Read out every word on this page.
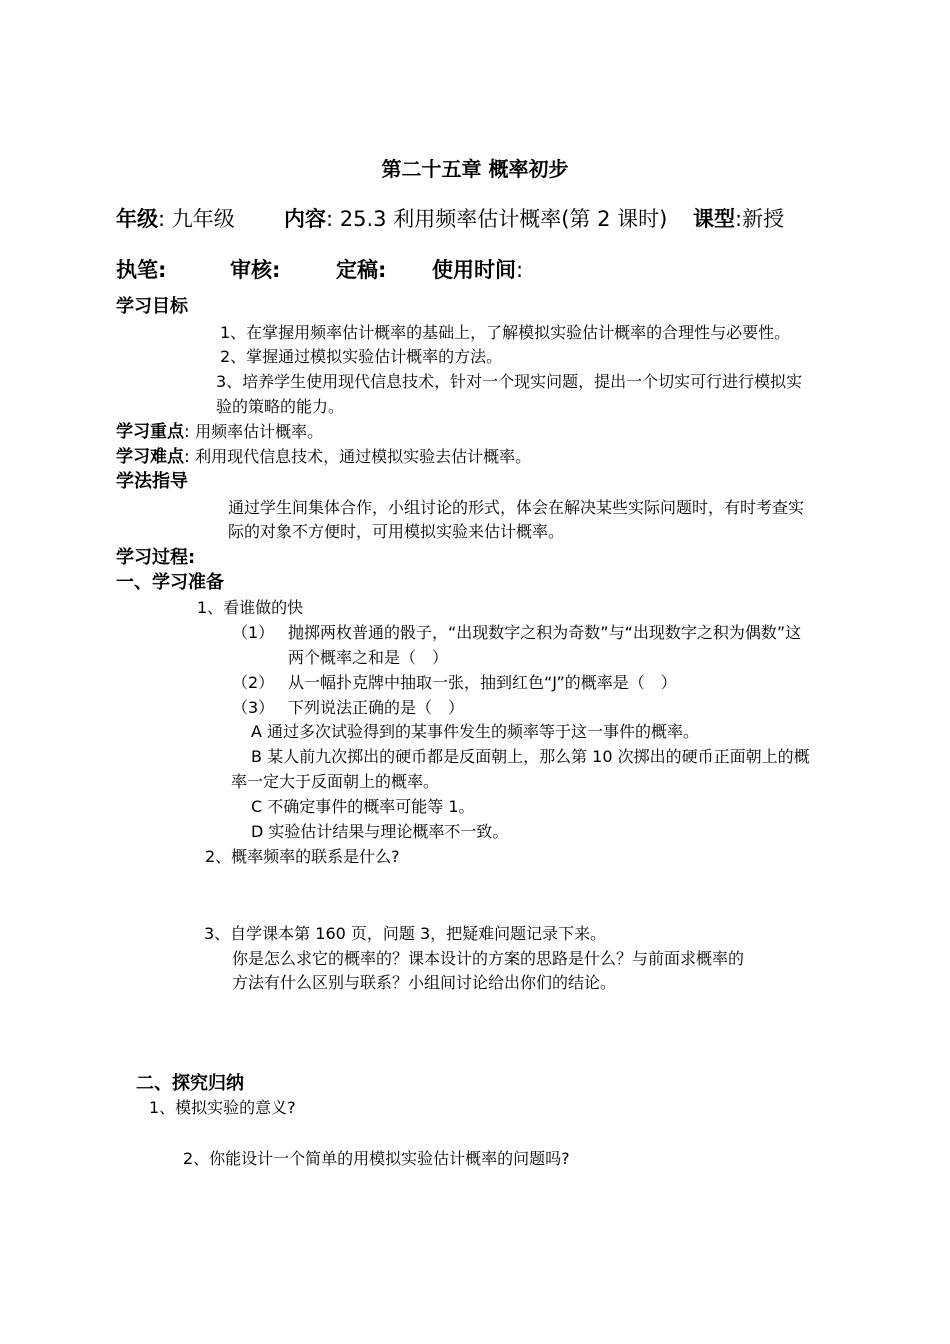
第二十五章 概率初步
年级: 九年级 内容: 25.3 利用频率估计概率(第 2 课时) 课型:新授
执笔:	审核:	定稿: 使用时间:
学习目标
1、在掌握用频率估计概率的基础上，了解模拟实验估计概率的合理性与必要性。
2、掌握通过模拟实验估计概率的方法。
3、培养学生使用现代信息技术，针对一个现实问题，提出一个切实可行进行模拟实
验的策略的能力。
学习重点: 用频率估计概率。
学习难点: 利用现代信息技术，通过模拟实验去估计概率。
学法指导
通过学生间集体合作，小组讨论的形式，体会在解决某些实际问题时，有时考查实
际的对象不方便时，可用模拟实验来估计概率。
学习过程:
一、学习准备
1、看谁做的快
（1） 抛掷两枚普通的骰子，“出现数字之积为奇数”与“出现数字之积为偶数”这
两个概率之和是（　）
（2） 从一幅扑克牌中抽取一张，抽到红色“J”的概率是（　）
（3） 下列说法正确的是（　）
A 通过多次试验得到的某事件发生的频率等于这一事件的概率。
B 某人前九次掷出的硬币都是反面朝上，那么第 10 次掷出的硬币正面朝上的概
率一定大于反面朝上的概率。
C 不确定事件的概率可能等 1。
D 实验估计结果与理论概率不一致。
2、概率频率的联系是什么?
3、自学课本第 160 页，问题 3，把疑难问题记录下来。
你是怎么求它的概率的？课本设计的方案的思路是什么？与前面求概率的
方法有什么区别与联系？小组间讨论给出你们的结论。
二、探究归纳
1、模拟实验的意义?
2、你能设计一个简单的用模拟实验估计概率的问题吗?
